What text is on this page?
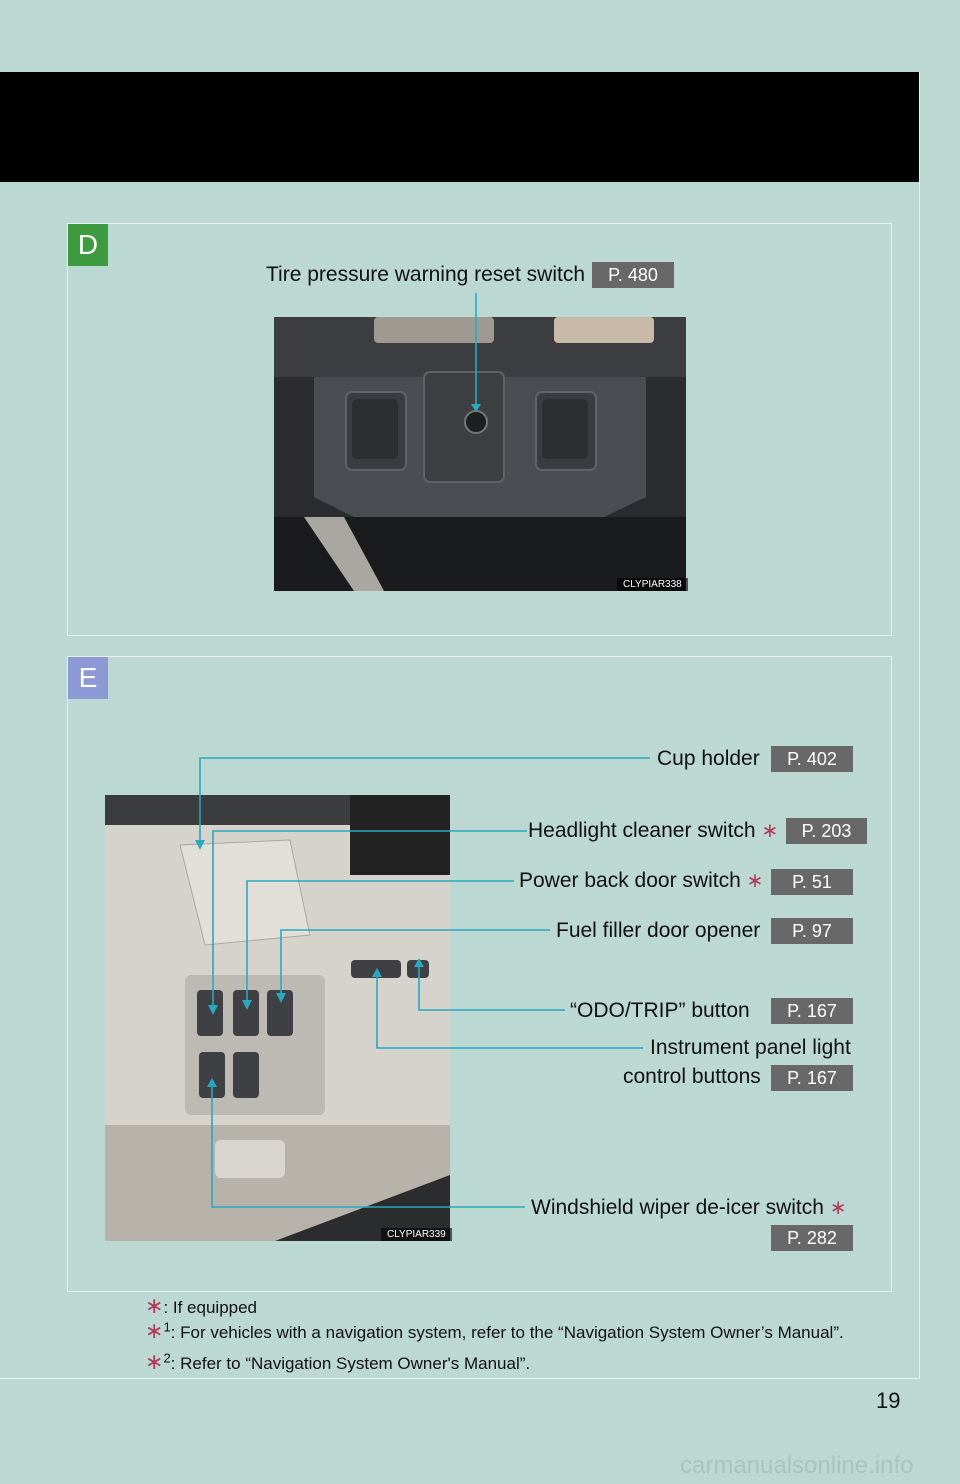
D
Tire pressure warning reset switch	P. 480
CLYPIAR338
E
CLYPIAR339
Cup holder	P. 402
Headlight cleaner switch ∗	P. 203
Power back door switch ∗	P. 51
Fuel filler door opener	P. 97
“ODO/TRIP” button	P. 167
Instrument panel light
control buttons	P. 167
Windshield wiper de-icer switch ∗
P. 282
∗: If equipped
∗$^1$: For vehicles with a navigation system, refer to the “Navigation System Owner’s Manual”.
∗$^2$: Refer to “Navigation System Owner's Manual”.
19
carmanualsonline.info
